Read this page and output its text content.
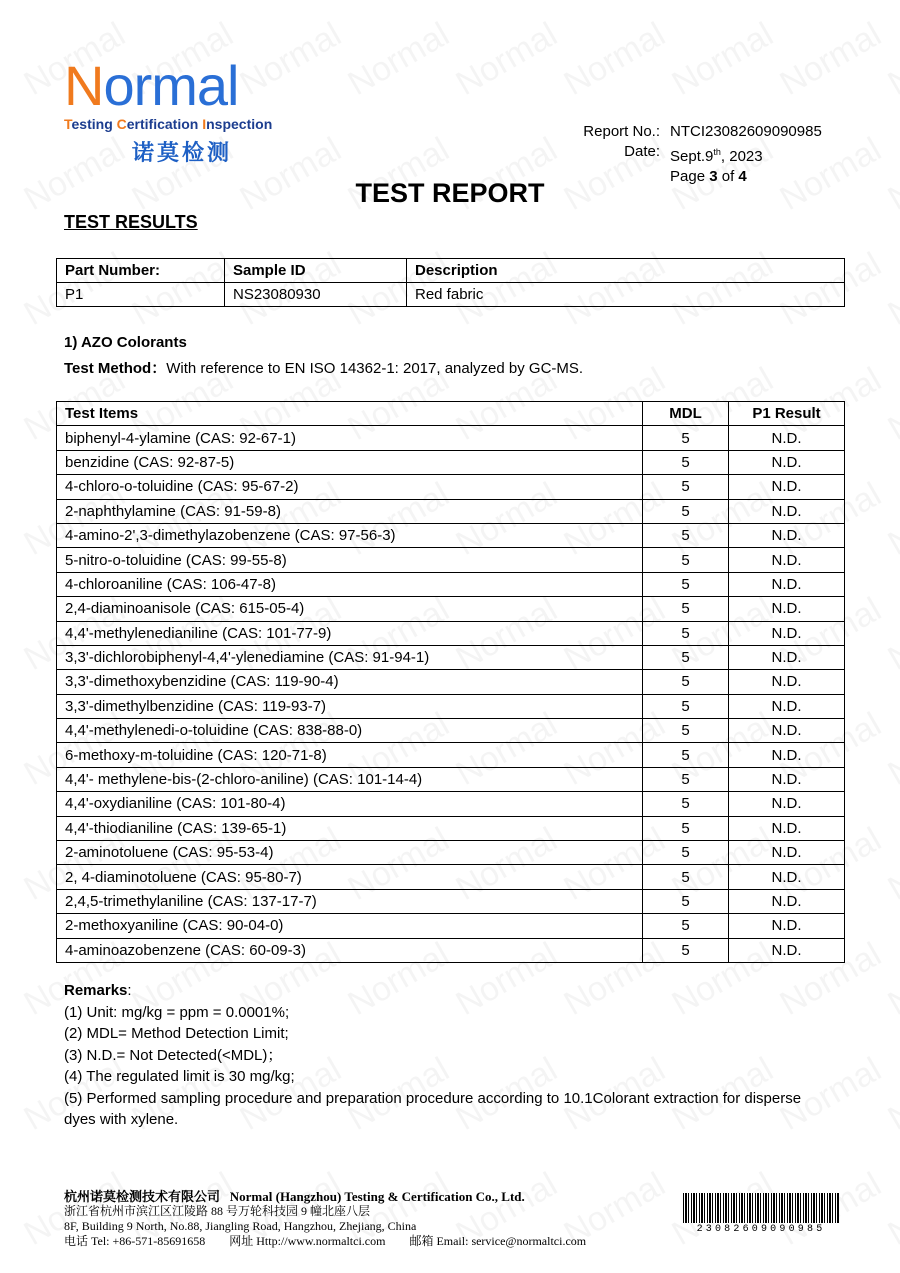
Normal
Testing Certification Inspection
诺莫检测
Report No.: NTCI23082609090985
Date: Sept.9th, 2023
Page 3 of 4
TEST REPORT
TEST RESULTS
Part Number:	Sample ID	Description
P1	NS23080930	Red fabric
1) AZO Colorants
Test Method：With reference to EN ISO 14362-1: 2017, analyzed by GC-MS.
Test Items	MDL	P1 Result
biphenyl-4-ylamine (CAS: 92-67-1)	5	N.D.
benzidine (CAS: 92-87-5)	5	N.D.
4-chloro-o-toluidine (CAS: 95-67-2)	5	N.D.
2-naphthylamine (CAS: 91-59-8)	5	N.D.
4-amino-2',3-dimethylazobenzene (CAS: 97-56-3)	5	N.D.
5-nitro-o-toluidine (CAS: 99-55-8)	5	N.D.
4-chloroaniline (CAS: 106-47-8)	5	N.D.
2,4-diaminoanisole (CAS: 615-05-4)	5	N.D.
4,4'-methylenedianiline (CAS: 101-77-9)	5	N.D.
3,3'-dichlorobiphenyl-4,4'-ylenediamine (CAS: 91-94-1)	5	N.D.
3,3'-dimethoxybenzidine (CAS: 119-90-4)	5	N.D.
3,3'-dimethylbenzidine (CAS: 119-93-7)	5	N.D.
4,4'-methylenedi-o-toluidine (CAS: 838-88-0)	5	N.D.
6-methoxy-m-toluidine (CAS: 120-71-8)	5	N.D.
4,4'- methylene-bis-(2-chloro-aniline) (CAS: 101-14-4)	5	N.D.
4,4'-oxydianiline (CAS: 101-80-4)	5	N.D.
4,4'-thiodianiline (CAS: 139-65-1)	5	N.D.
2-aminotoluene (CAS: 95-53-4)	5	N.D.
2, 4-diaminotoluene (CAS: 95-80-7)	5	N.D.
2,4,5-trimethylaniline (CAS: 137-17-7)	5	N.D.
2-methoxyaniline (CAS: 90-04-0)	5	N.D.
4-aminoazobenzene (CAS: 60-09-3)	5	N.D.
Remarks:
(1) Unit: mg/kg = ppm = 0.0001%;
(2) MDL= Method Detection Limit;
(3) N.D.= Not Detected(<MDL)；
(4) The regulated limit is 30 mg/kg;
(5) Performed sampling procedure and preparation procedure according to 10.1Colorant extraction for disperse dyes with xylene.
杭州诺莫检测技术有限公司 Normal (Hangzhou) Testing & Certification Co., Ltd.
浙江省杭州市滨江区江陵路 88 号万轮科技园 9 幢北座八层
8F, Building 9 North, No.88, Jiangling Road, Hangzhou, Zhejiang, China
电话 Tel: +86-571-85691658        网址 Http://www.normaltci.com        邮箱 Email: service@normaltci.com
23082609090985
